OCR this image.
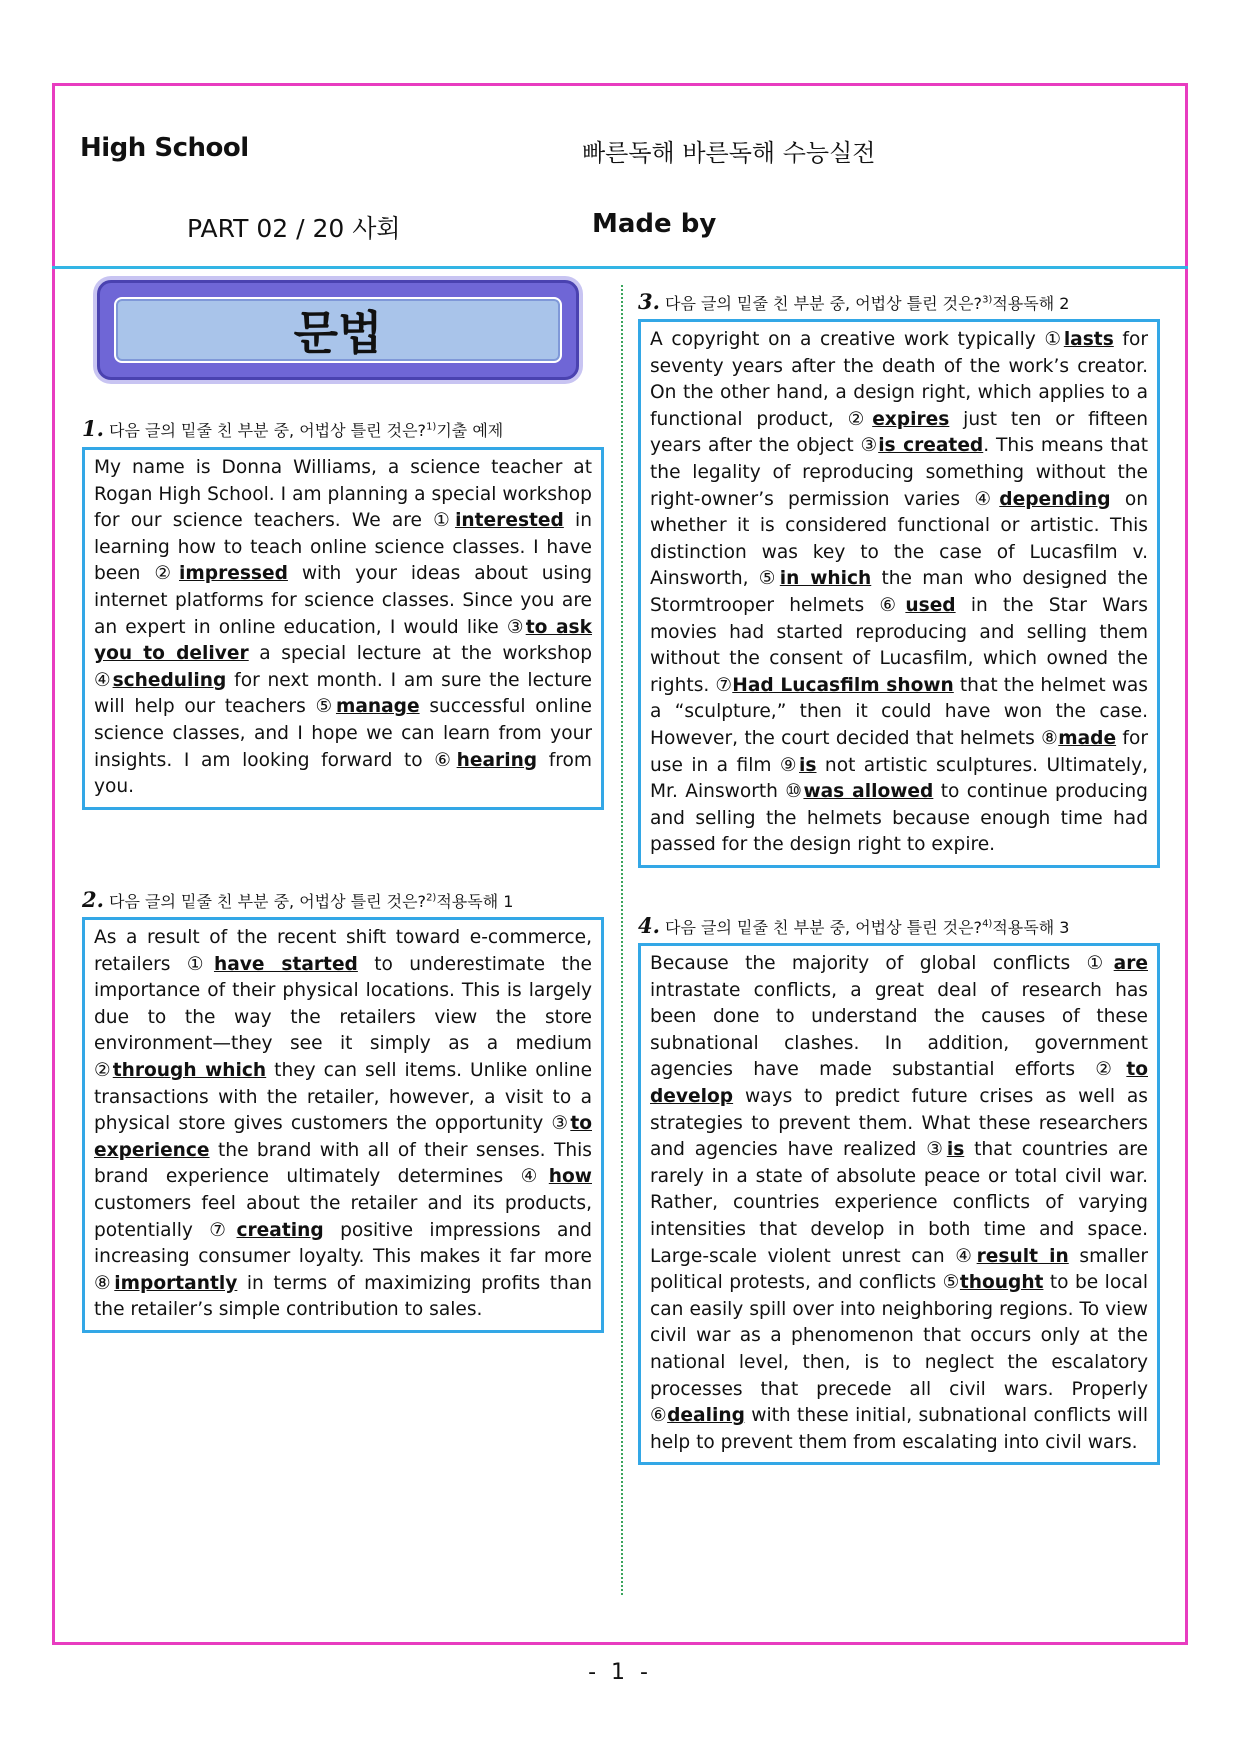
High School	빠른독해 바른독해 수능실전
PART 02 / 20 사회	Made by
문법
1. 다음 글의 밑줄 친 부분 중, 어법상 틀린 것은?$^{1)}$기출 예제
My name is Donna Williams, a science teacher at Rogan High School. I am planning a special workshop for our science teachers. We are ①interested in learning how to teach online science classes. I have been ②impressed with your ideas about using internet platforms for science classes. Since you are an expert in online education, I would like ③to ask you to deliver a special lecture at the workshop ④scheduling for next month. I am sure the lecture will help our teachers ⑤manage successful online science classes, and I hope we can learn from your insights. I am looking forward to ⑥hearing from you.
2. 다음 글의 밑줄 친 부분 중, 어법상 틀린 것은?$^{2)}$적용독해 1
As a result of the recent shift toward e-commerce, retailers ①have started to underestimate the importance of their physical locations. This is largely due to the way the retailers view the store environment—they see it simply as a medium ②through which they can sell items. Unlike online transactions with the retailer, however, a visit to a physical store gives customers the opportunity ③to experience the brand with all of their senses. This brand experience ultimately determines ④how customers feel about the retailer and its products, potentially ⑦creating positive impressions and increasing consumer loyalty. This makes it far more ⑧importantly in terms of maximizing profits than the retailer’s simple contribution to sales.
3. 다음 글의 밑줄 친 부분 중, 어법상 틀린 것은?$^{3)}$적용독해 2
A copyright on a creative work typically ①lasts for seventy years after the death of the work’s creator. On the other hand, a design right, which applies to a functional product, ②expires just ten or fifteen years after the object ③is created. This means that the legality of reproducing something without the right-owner’s permission varies ④depending on whether it is considered functional or artistic. This distinction was key to the case of Lucasfilm v. Ainsworth, ⑤in which the man who designed the Stormtrooper helmets ⑥used in the Star Wars movies had started reproducing and selling them without the consent of Lucasfilm, which owned the rights. ⑦Had Lucasfilm shown that the helmet was a “sculpture,” then it could have won the case. However, the court decided that helmets ⑧made for use in a film ⑨is not artistic sculptures. Ultimately, Mr. Ainsworth ⑩was allowed to continue producing and selling the helmets because enough time had passed for the design right to expire.
4. 다음 글의 밑줄 친 부분 중, 어법상 틀린 것은?$^{4)}$적용독해 3
Because the majority of global conflicts ①are intrastate conflicts, a great deal of research has been done to understand the causes of these subnational clashes. In addition, government agencies have made substantial efforts ②to develop ways to predict future crises as well as strategies to prevent them. What these researchers and agencies have realized ③is that countries are rarely in a state of absolute peace or total civil war. Rather, countries experience conflicts of varying intensities that develop in both time and space. Large-scale violent unrest can ④result in smaller political protests, and conflicts ⑤thought to be local can easily spill over into neighboring regions. To view civil war as a phenomenon that occurs only at the national level, then, is to neglect the escalatory processes that precede all civil wars. Properly ⑥dealing with these initial, subnational conflicts will help to prevent them from escalating into civil wars.
- 1 -
